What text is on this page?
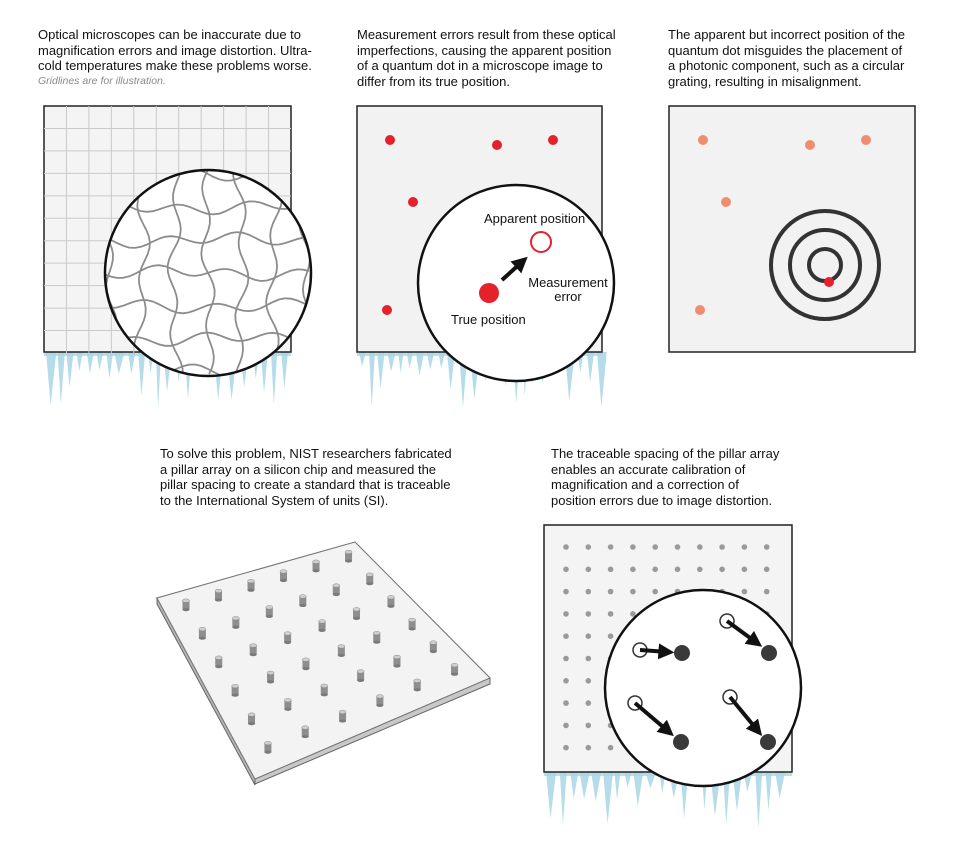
Optical microscopes can be inaccurate due to
magnification errors and image distortion. Ultra-
cold temperatures make these problems worse.
Gridlines are for illustration.
Measurement errors result from these optical
imperfections, causing the apparent position
of a quantum dot in a microscope image to
differ from its true position.
The apparent but incorrect position of the
quantum dot misguides the placement of
a photonic component, such as a circular
grating, resulting in misalignment.
To solve this problem, NIST researchers fabricated
a pillar array on a silicon chip and measured the
pillar spacing to create a standard that is traceable
to the International System of units (SI).
The traceable spacing of the pillar array
enables an accurate calibration of
magnification and a correction of
position errors due to image distortion.
Apparent position
Measurement
error
True position
